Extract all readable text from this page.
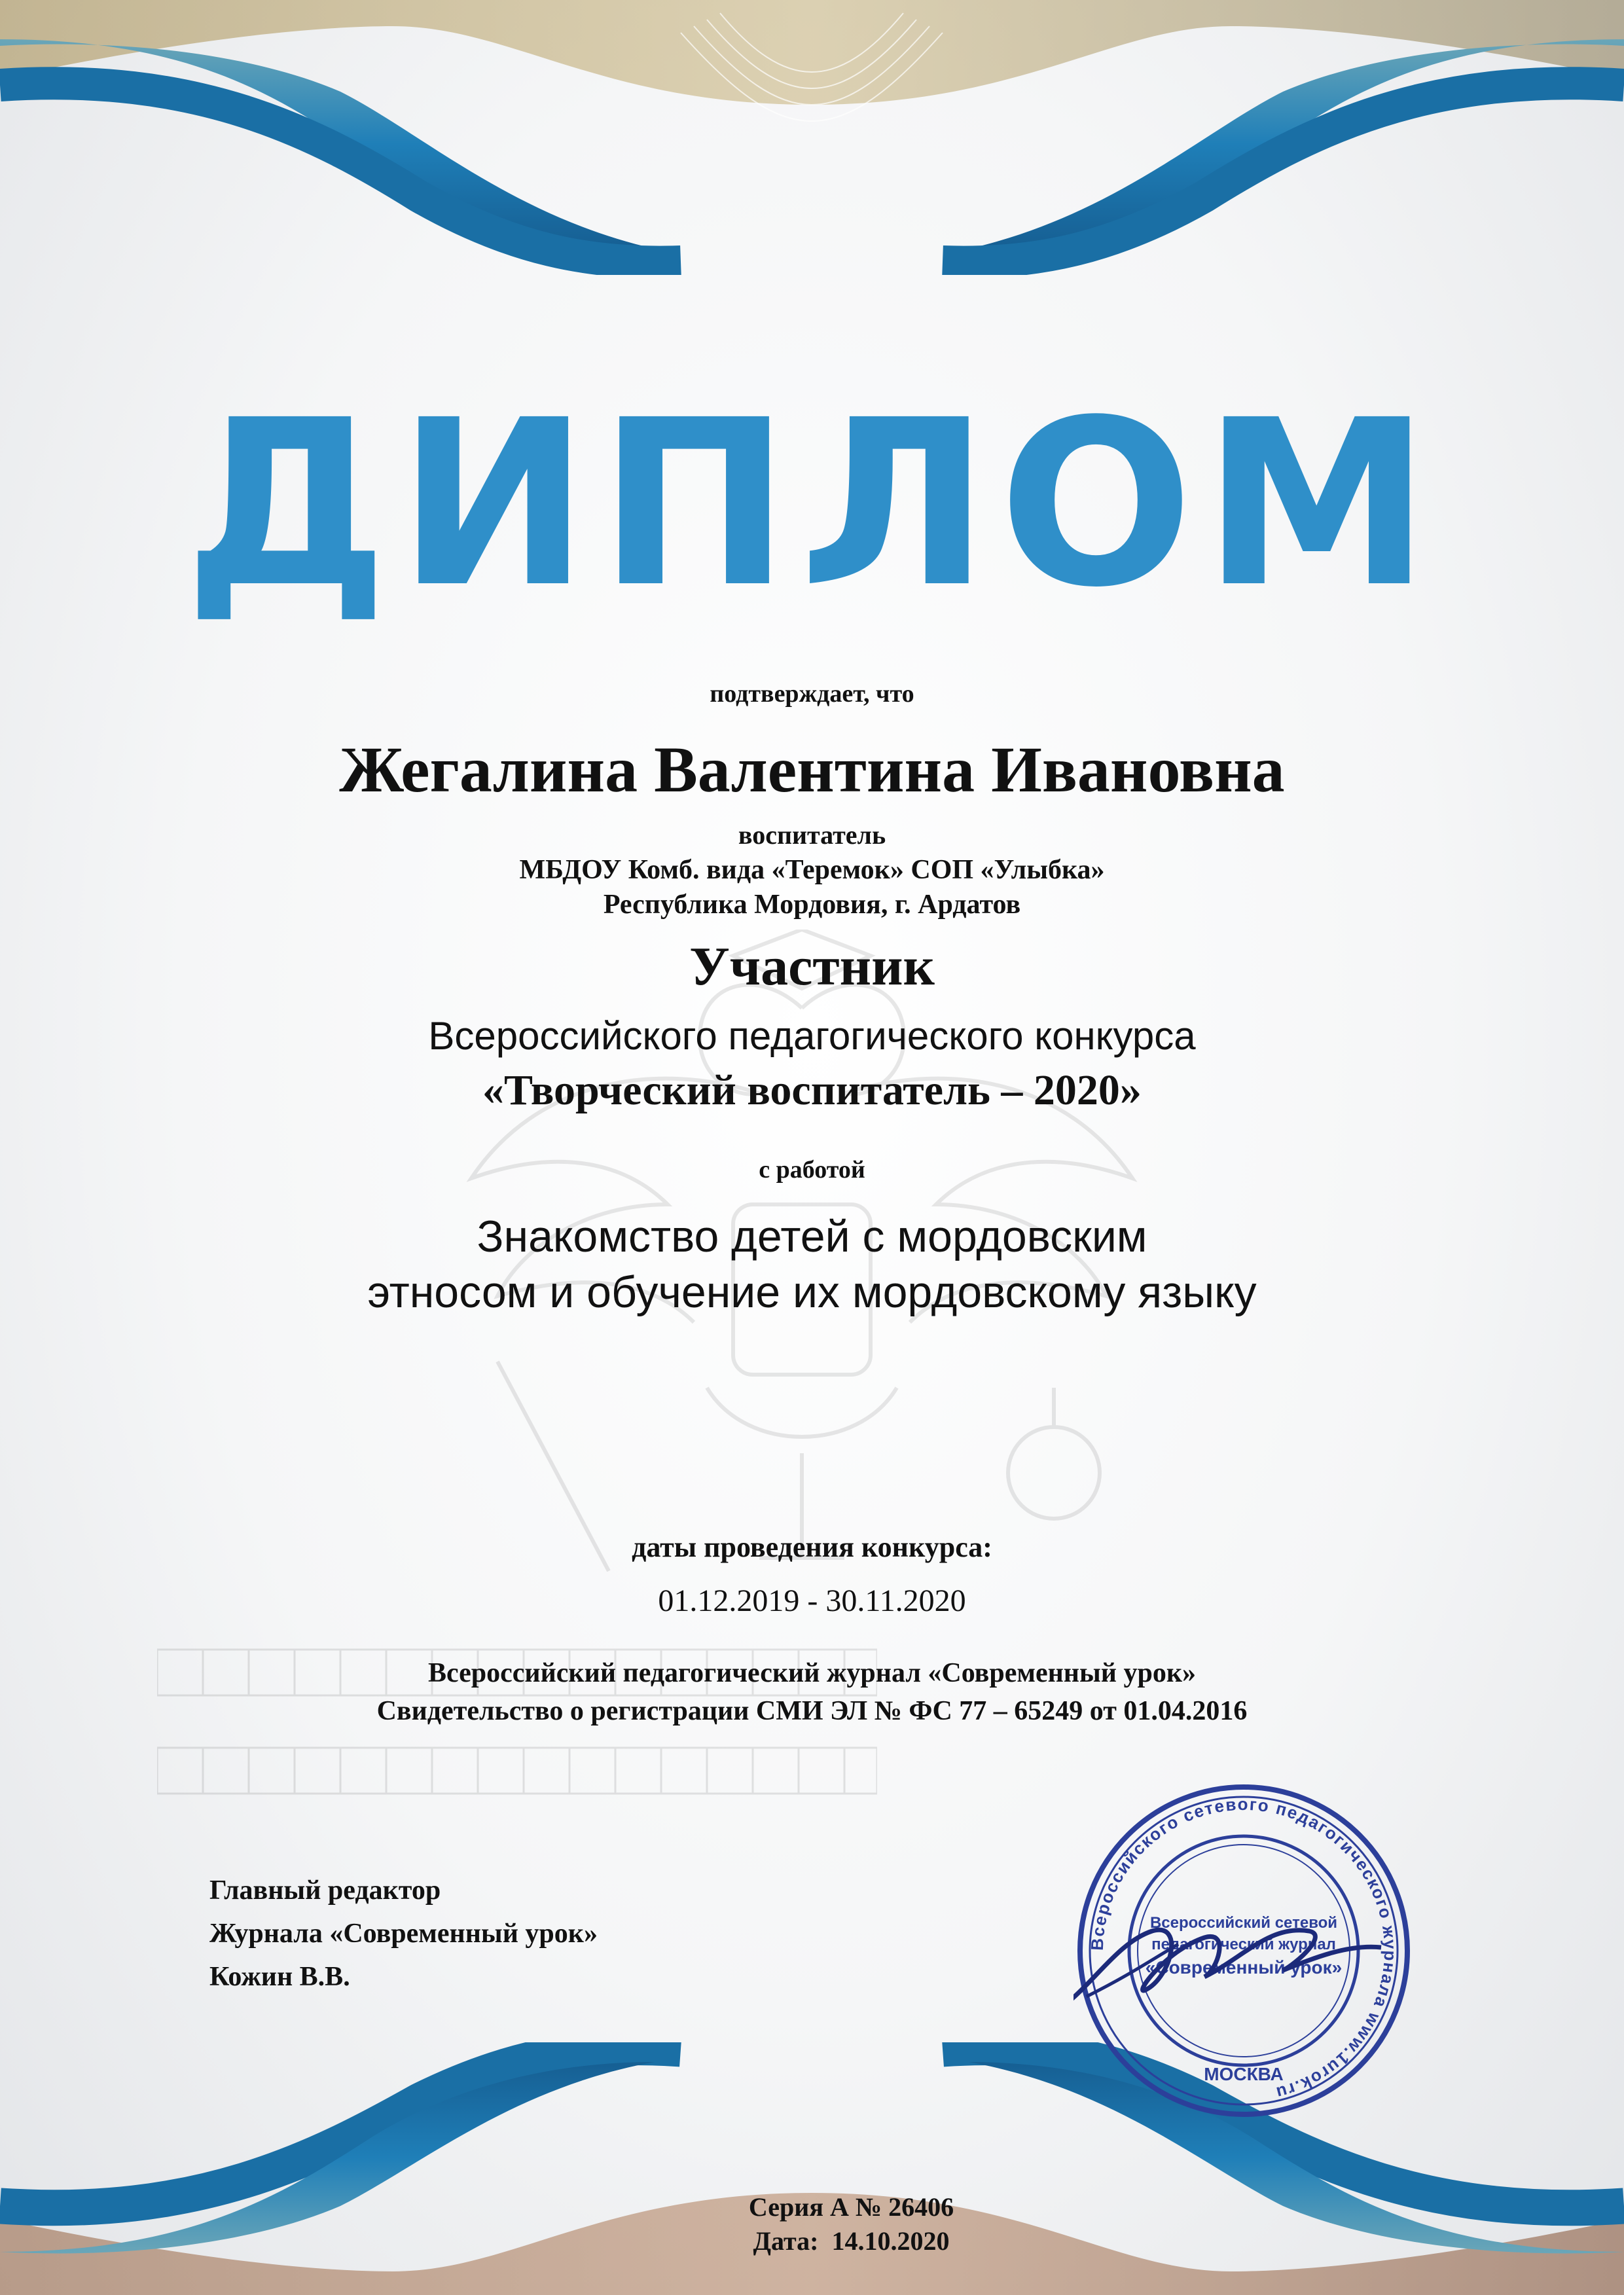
ДИПЛОМ
подтверждает, что
Жегалина Валентина Ивановна
воспитатель
МБДОУ Комб. вида «Теремок» СОП «Улыбка»
Республика Мордовия, г. Ардатов
Участник
Всероссийского педагогического конкурса
«Творческий воспитатель – 2020»
с работой
Знакомство детей с мордовским
этносом и обучение их мордовскому языку
даты проведения конкурса:
01.12.2019 - 30.11.2020
Всероссийский педагогический журнал «Современный урок»
Свидетельство о регистрации СМИ ЭЛ № ФС 77 – 65249 от 01.04.2016
Главный редактор
Журнала «Современный урок»
Кожин В.В.
Всероссийского сетевого педагогического журнала www.1urok.ru
Всероссийский сетевой
педагогический журнал
«Современный урок»
МОСКВА
Серия А № 26406
Дата:  14.10.2020
